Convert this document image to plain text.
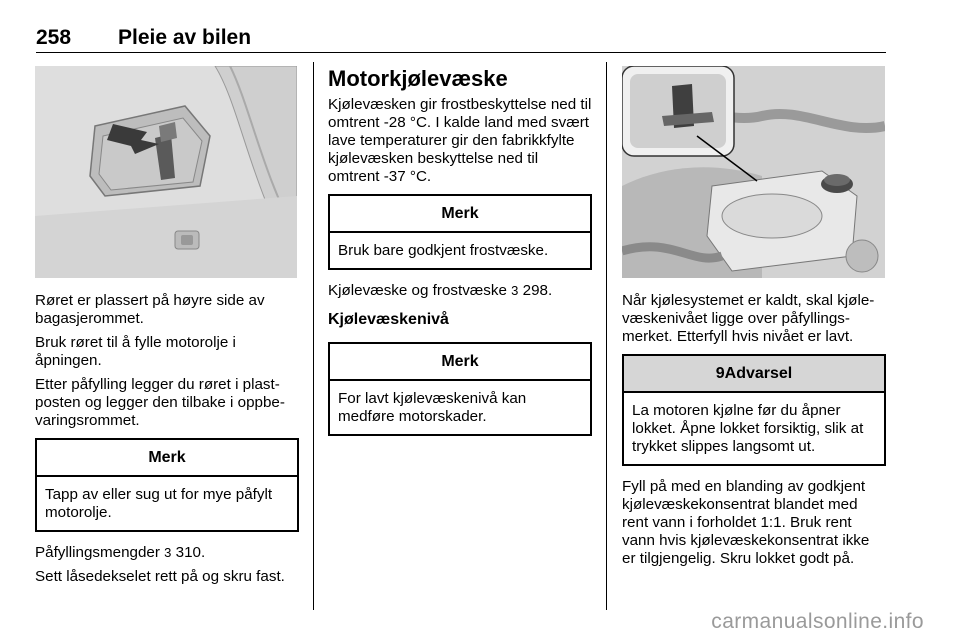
258 Pleie av bilen

Røret er plassert på høyre side av bagasjerommet.

Bruk røret til å fylle motorolje i åpningen.

Etter påfylling legger du røret i plastposten og legger den tilbake i oppbevaringsrommet.

Merk
Tapp av eller sug ut for mye påfylt motorolje.

Påfyllingsmengder 3 310.

Sett låsedekselet rett på og skru fast.

Motorkjølevæske

Kjølevæsken gir frostbeskyttelse ned til omtrent -28 °C. I kalde land med svært lave temperaturer gir den fabrikkfylte kjølevæsken beskyttelse ned til omtrent -37 °C.

Merk
Bruk bare godkjent frostvæske.

Kjølevæske og frostvæske 3 298.

Kjølevæskenivå
Merk
For lavt kjølevæskenivå kan medføre motorskader.

Når kjølesystemet er kaldt, skal kjølevæskenivået ligge over påfyllingsmerket. Etterfyll hvis nivået er lavt.

9Advarsel
La motoren kjølne før du åpner lokket. Åpne lokket forsiktig, slik at trykket slippes langsomt ut.

Fyll på med en blanding av godkjent kjølevæskekonsentrat blandet med rent vann i forholdet 1:1. Bruk rent vann hvis kjølevæskekonsentrat ikke er tilgjengelig. Skru lokket godt på.

carmanualsonline.info
